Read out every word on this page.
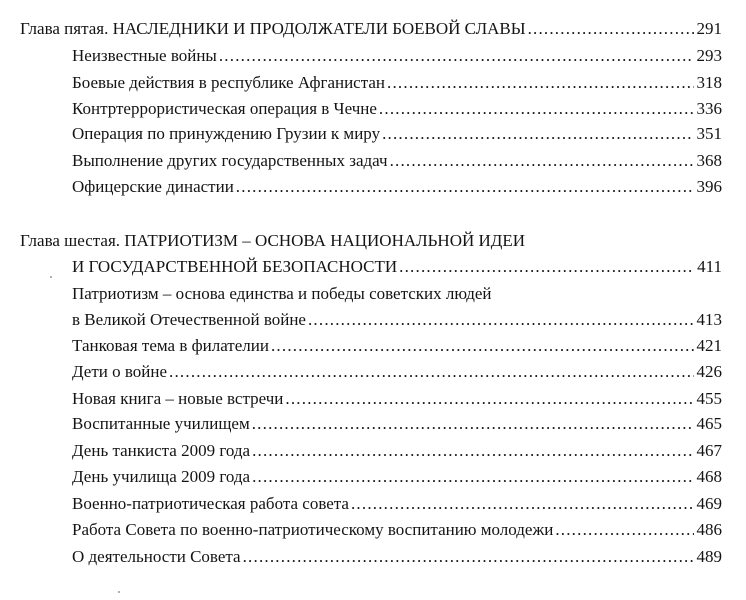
Глава пятая. НАСЛЕДНИКИ И ПРОДОЛЖАТЕЛИ БОЕВОЙ СЛАВЫ .....	291
Неизвестные войны .....	293
Боевые действия в республике Афганистан .....	318
Контртеррористическая операция в Чечне .....	336
Операция по принуждению Грузии к миру .....	351
Выполнение других государственных задач .....	368
Офицерские династии .....	396
Глава шестая. ПАТРИОТИЗМ – ОСНОВА НАЦИОНАЛЬНОЙ ИДЕИ
И ГОСУДАРСТВЕННОЙ БЕЗОПАСНОСТИ .....	411
Патриотизм – основа единства и победы советских людей
в Великой Отечественной войне .....	413
Танковая тема в филателии .....	421
Дети о войне .....	426
Новая книга – новые встречи .....	455
Воспитанные училищем .....	465
День танкиста 2009 года .....	467
День училища 2009 года .....	468
Военно-патриотическая работа совета .....	469
Работа Совета по военно-патриотическому воспитанию молодежи .....	486
О деятельности Совета .....	489
